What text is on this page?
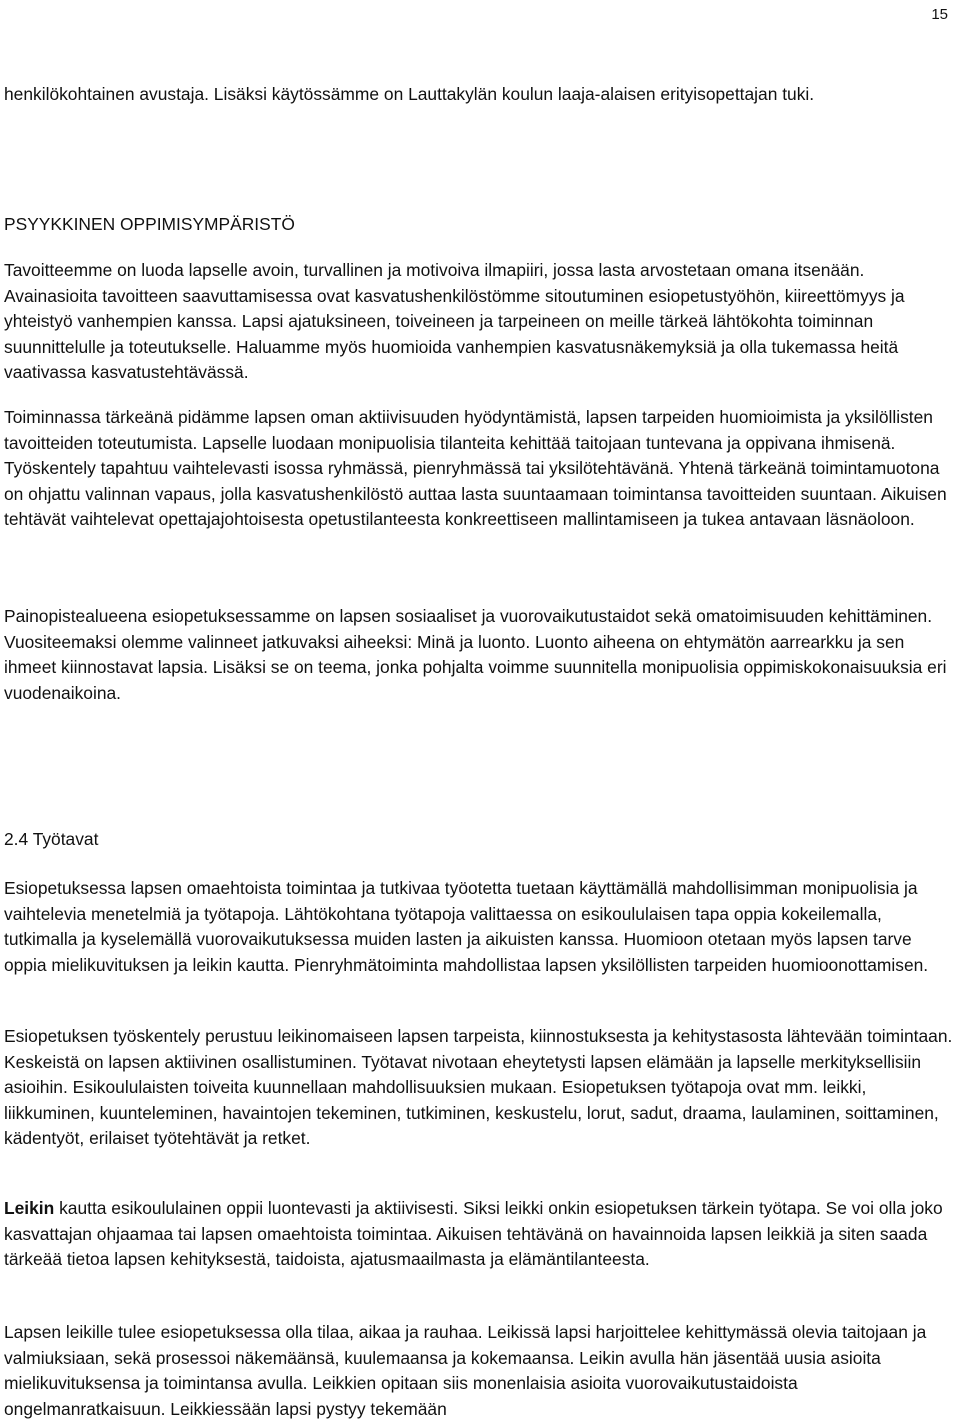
15

henkilökohtainen avustaja. Lisäksi käytössämme on Lauttakylän koulun laaja-alaisen erityisopettajan tuki.

PSYYKKINEN OPPIMISYMPÄRISTÖ

Tavoitteemme on luoda lapselle avoin, turvallinen ja motivoiva ilmapiiri, jossa lasta arvostetaan omana itsenään. Avainasioita tavoitteen saavuttamisessa ovat kasvatushenkilöstömme sitoutuminen esiopetustyöhön, kiireettömyys ja yhteistyö vanhempien kanssa. Lapsi ajatuksineen, toiveineen ja tarpeineen on meille tärkeä lähtökohta toiminnan suunnittelulle ja toteutukselle. Haluamme myös huomioida vanhempien kasvatusnäkemyksiä ja olla tukemassa heitä vaativassa kasvatustehtävässä.

Toiminnassa tärkeänä pidämme lapsen oman aktiivisuuden hyödyntämistä, lapsen tarpeiden huomioimista ja yksilöllisten tavoitteiden toteutumista. Lapselle luodaan monipuolisia tilanteita kehittää taitojaan tuntevana ja oppivana ihmisenä. Työskentely tapahtuu vaihtelevasti isossa ryhmässä, pienryhmässä tai yksilötehtävänä. Yhtenä tärkeänä toimintamuotona on ohjattu valinnan vapaus, jolla kasvatushenkilöstö auttaa lasta suuntaamaan toimintansa tavoitteiden suuntaan. Aikuisen tehtävät vaihtelevat opettajajohtoisesta opetustilanteesta konkreettiseen mallintamiseen ja tukea antavaan läsnäoloon.

Painopistealueena esiopetuksessamme on lapsen sosiaaliset ja vuorovaikutustaidot sekä omatoimisuuden kehittäminen. Vuositeemaksi olemme valinneet jatkuvaksi aiheeksi: Minä ja luonto. Luonto aiheena on ehtymätön aarrearkku ja sen ihmeet kiinnostavat lapsia. Lisäksi se on teema, jonka pohjalta voimme suunnitella monipuolisia oppimiskokonaisuuksia eri vuodenaikoina.

2.4 Työtavat

Esiopetuksessa lapsen omaehtoista toimintaa ja tutkivaa työotetta tuetaan käyttämällä mahdollisimman monipuolisia ja vaihtelevia menetelmiä ja työtapoja. Lähtökohtana työtapoja valittaessa on esikoululaisen tapa oppia kokeilemalla, tutkimalla ja kyselemällä vuorovaikutuksessa muiden lasten ja aikuisten kanssa. Huomioon otetaan myös lapsen tarve oppia mielikuvituksen ja leikin kautta. Pienryhmätoiminta mahdollistaa lapsen yksilöllisten tarpeiden huomioonottamisen.

Esiopetuksen työskentely perustuu leikinomaiseen lapsen tarpeista, kiinnostuksesta ja kehitystasosta lähtevään toimintaan. Keskeistä on lapsen aktiivinen osallistuminen. Työtavat nivotaan eheytetysti lapsen elämään ja lapselle merkityksellisiin asioihin. Esikoululaisten toiveita kuunnellaan mahdollisuuksien mukaan. Esiopetuksen työtapoja ovat mm. leikki, liikkuminen, kuunteleminen, havaintojen tekeminen, tutkiminen, keskustelu, lorut, sadut, draama, laulaminen, soittaminen, kädentyöt, erilaiset työtehtävät ja retket.

Leikin kautta esikoululainen oppii luontevasti ja aktiivisesti. Siksi leikki onkin esiopetuksen tärkein työtapa. Se voi olla joko kasvattajan ohjaamaa tai lapsen omaehtoista toimintaa. Aikuisen tehtävänä on havainnoida lapsen leikkiä ja siten saada tärkeää tietoa lapsen kehityksestä, taidoista, ajatusmaailmasta ja elämäntilanteesta.

Lapsen leikille tulee esiopetuksessa olla tilaa, aikaa ja rauhaa. Leikissä lapsi harjoittelee kehittymässä olevia taitojaan ja valmiuksiaan, sekä prosessoi näkemäänsä, kuulemaansa ja kokemaansa. Leikin avulla hän jäsentää uusia asioita mielikuvituksensa ja toimintansa avulla. Leikkien opitaan siis monenlaisia asioita vuorovaikutustaidoista ongelmanratkaisuun. Leikkiessään lapsi pystyy tekemään
